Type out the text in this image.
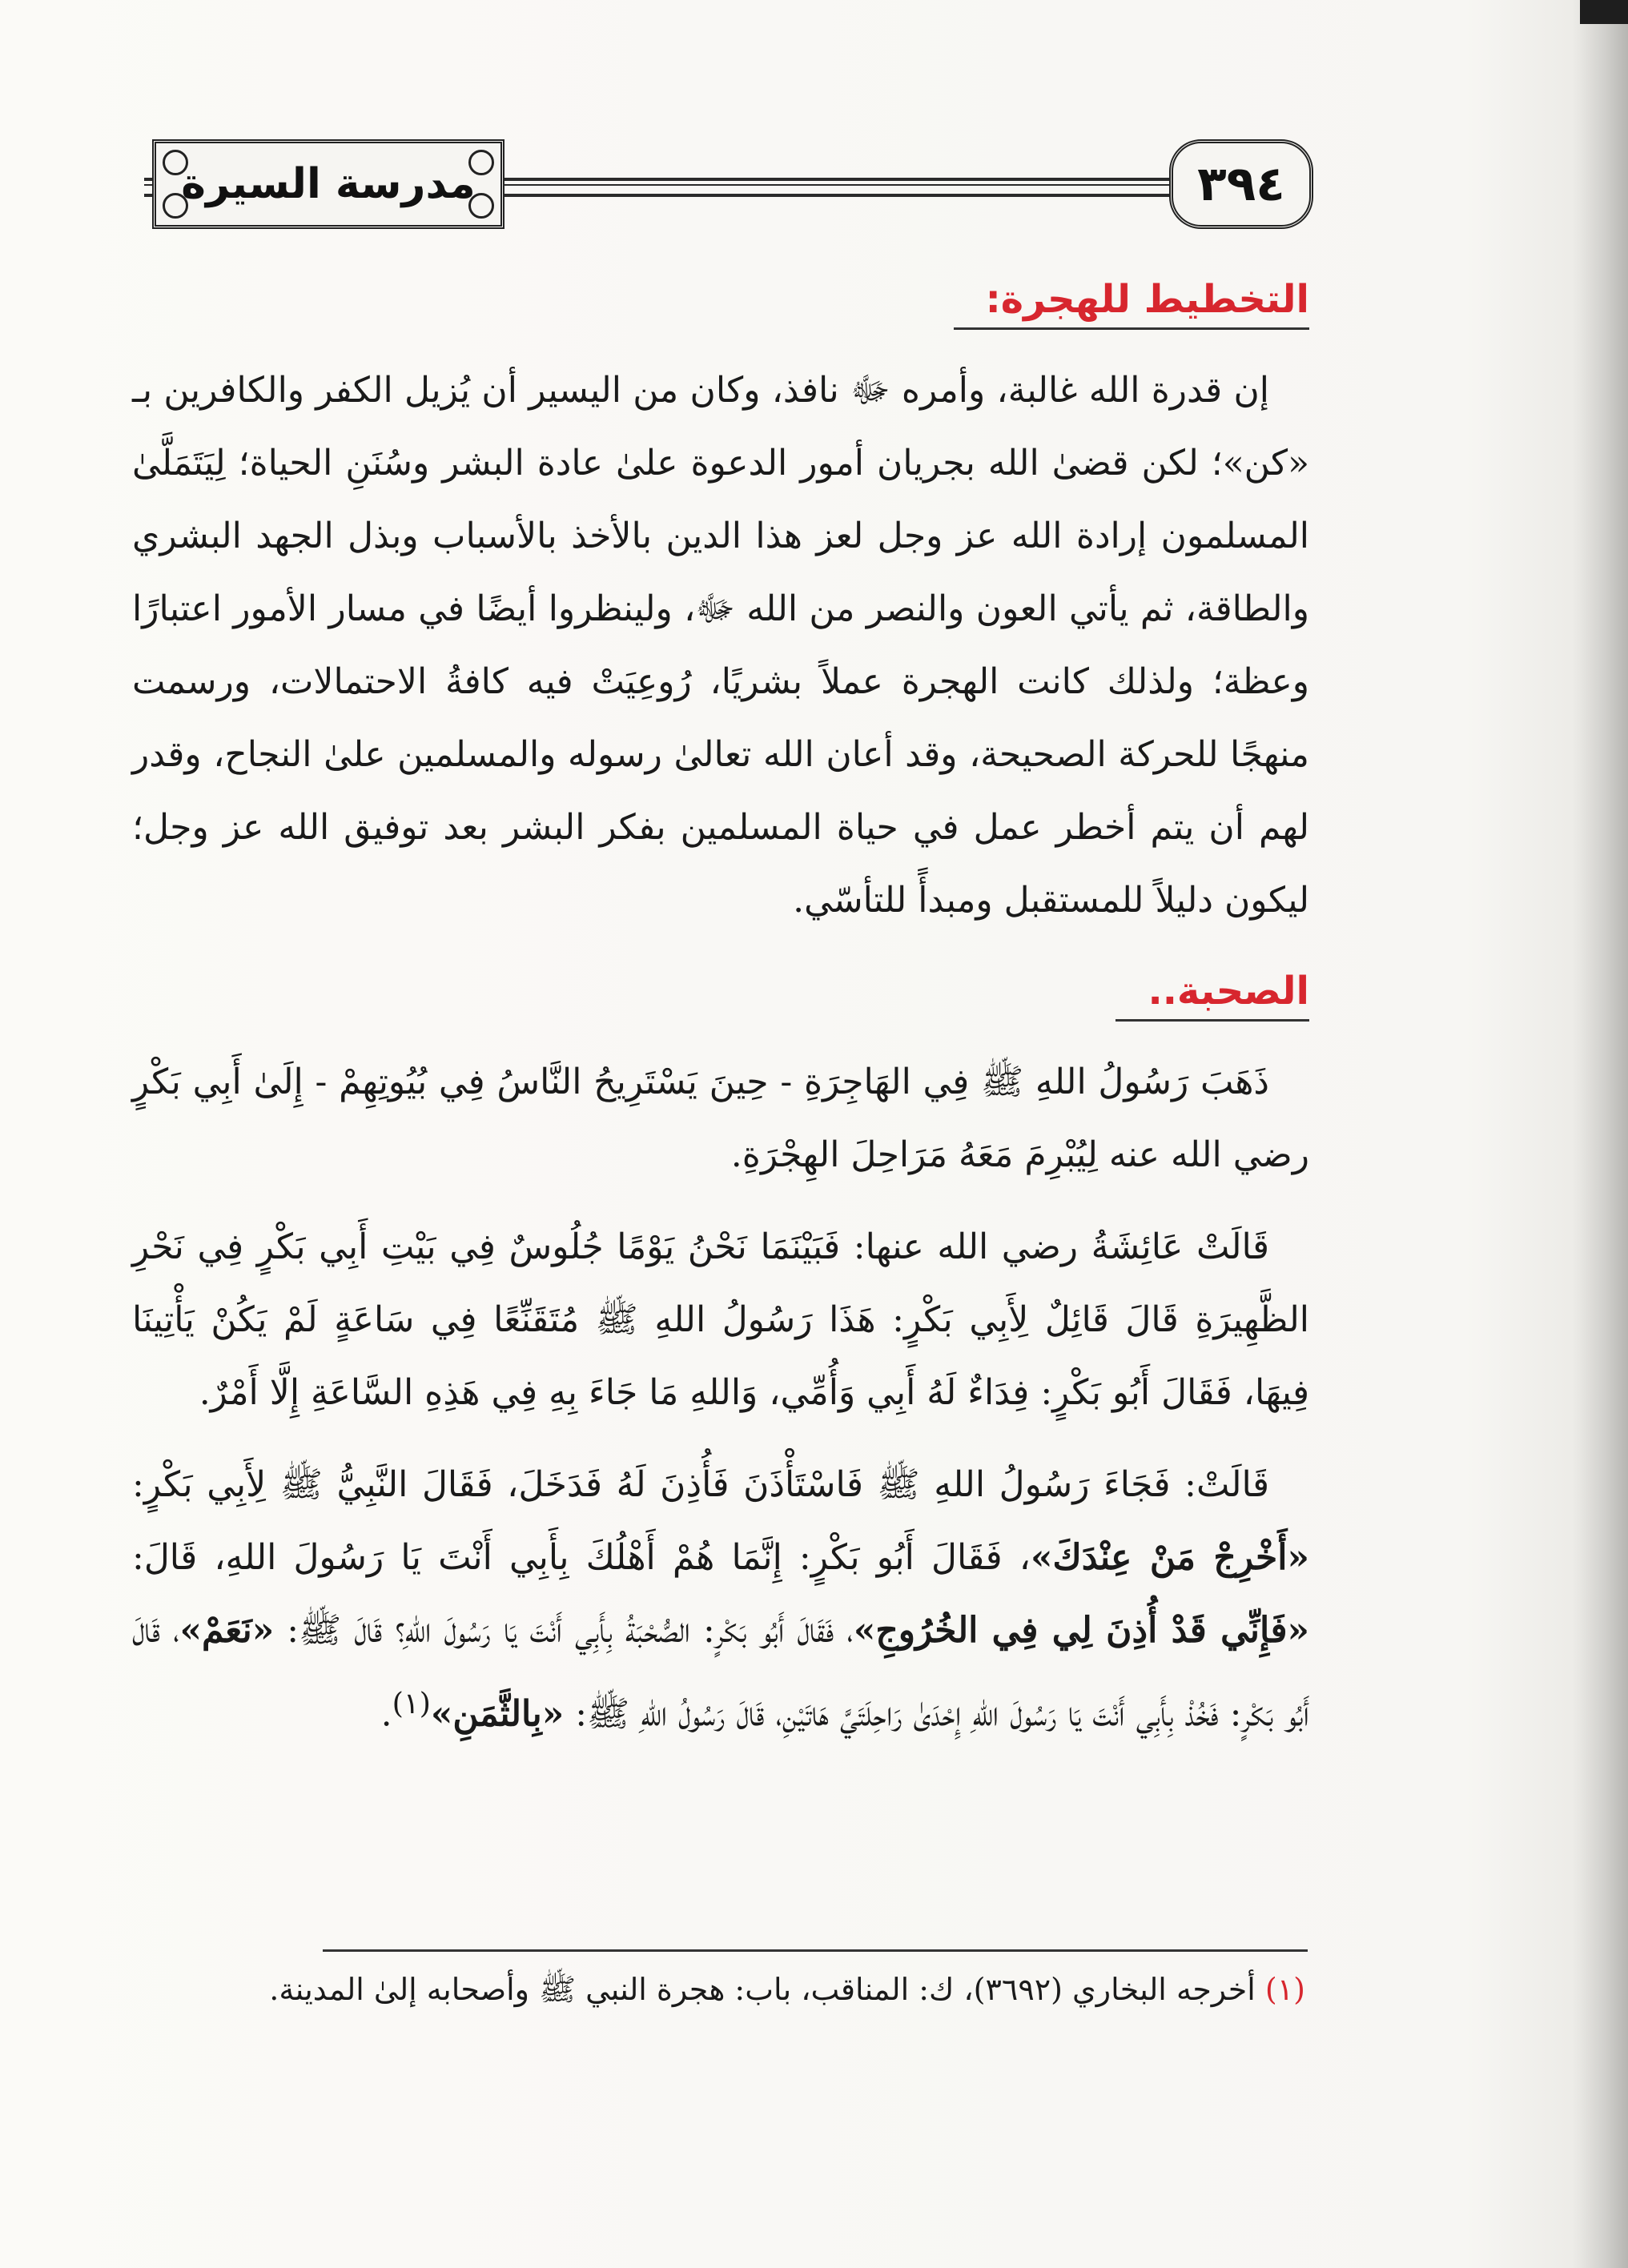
مدرسة السيرة	٣٩٤
التخطيط للهجرة:

إن قدرة الله غالبة، وأمره ﷻ نافذ، وكان من اليسير أن يُزيل الكفر والكافرين بـ «كن»؛ لكن قضىٰ الله بجريان أمور الدعوة علىٰ عادة البشر وسُنَنِ الحياة؛ لِيَتَمَلَّىٰ المسلمون إرادة الله عز وجل لعز هذا الدين بالأخذ بالأسباب وبذل الجهد البشري والطاقة، ثم يأتي العون والنصر من الله ﷻ، ولينظروا أيضًا في مسار الأمور اعتبارًا وعظة؛ ولذلك كانت الهجرة عملاً بشريًا، رُوعِيَتْ فيه كافةُ الاحتمالات، ورسمت منهجًا للحركة الصحيحة، وقد أعان الله تعالىٰ رسوله والمسلمين علىٰ النجاح، وقدر لهم أن يتم أخطر عمل في حياة المسلمين بفكر البشر بعد توفيق الله عز وجل؛ ليكون دليلاً للمستقبل ومبدأً للتأسّي.

الصحبة..

ذَهَبَ رَسُولُ اللهِ ﷺ فِي الهَاجِرَةِ - حِينَ يَسْتَرِيحُ النَّاسُ فِي بُيُوتِهِمْ - إِلَىٰ أَبِي بَكْرٍ رضي الله عنه لِيُبْرِمَ مَعَهُ مَرَاحِلَ الهِجْرَةِ.

قَالَتْ عَائِشَةُ رضي الله عنها: فَبَيْنَمَا نَحْنُ يَوْمًا جُلُوسٌ فِي بَيْتِ أَبِي بَكْرٍ فِي نَحْرِ الظَّهِيرَةِ قَالَ قَائِلٌ لِأَبِي بَكْرٍ: هَذَا رَسُولُ اللهِ ﷺ مُتَقَنِّعًا فِي سَاعَةٍ لَمْ يَكُنْ يَأْتِينَا فِيهَا، فَقَالَ أَبُو بَكْرٍ: فِدَاءٌ لَهُ أَبِي وَأُمِّي، وَاللهِ مَا جَاءَ بِهِ فِي هَذِهِ السَّاعَةِ إِلَّا أَمْرٌ.

قَالَتْ: فَجَاءَ رَسُولُ اللهِ ﷺ فَاسْتَأْذَنَ فَأُذِنَ لَهُ فَدَخَلَ، فَقَالَ النَّبِيُّ ﷺ لِأَبِي بَكْرٍ: «أَخْرِجْ مَنْ عِنْدَكَ»، فَقَالَ أَبُو بَكْرٍ: إِنَّمَا هُمْ أَهْلُكَ بِأَبِي أَنْتَ يَا رَسُولَ اللهِ، قَالَ: «فَإِنِّي قَدْ أُذِنَ لِي فِي الخُرُوجِ»، فَقَالَ أَبُو بَكْرٍ: الصُّحْبَةُ بِأَبِي أَنْتَ يَا رَسُولَ اللهِ؟ قَالَ ﷺ: «نَعَمْ»، قَالَ أَبُو بَكْرٍ: فَخُذْ بِأَبِي أَنْتَ يَا رَسُولَ اللهِ إِحْدَىٰ رَاحِلَتَيَّ هَاتَيْنِ، قَالَ رَسُولُ اللهِ ﷺ: «بِالثَّمَنِ»$^{(١)}$.

(١) أخرجه البخاري (٣٦٩٢)، ك: المناقب، باب: هجرة النبي ﷺ وأصحابه إلىٰ المدينة.
